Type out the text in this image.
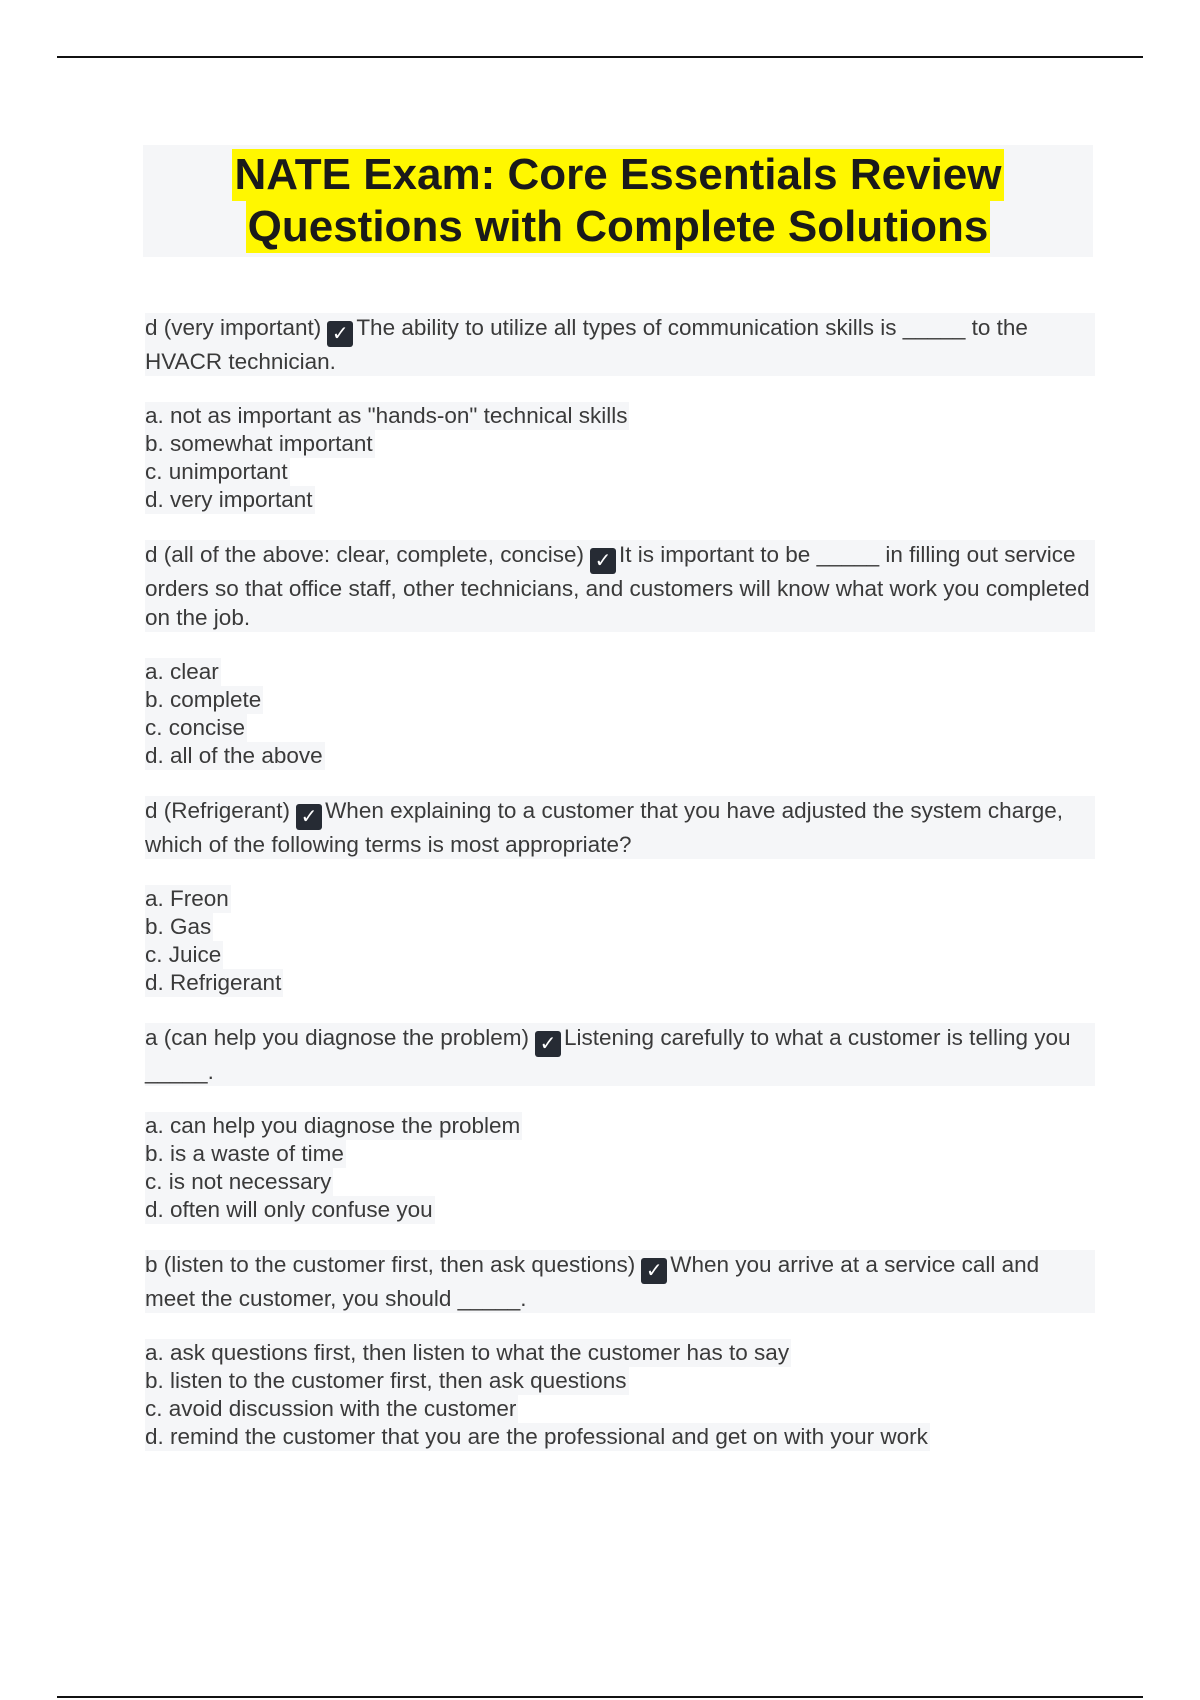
NATE Exam: Core Essentials Review
Questions with Complete Solutions

d (very important) ✓ The ability to utilize all types of communication skills is _____ to the HVACR technician.

a. not as important as "hands-on" technical skills
b. somewhat important
c. unimportant
d. very important

d (all of the above: clear, complete, concise) ✓ It is important to be _____ in filling out service orders so that office staff, other technicians, and customers will know what work you completed on the job.

a. clear
b. complete
c. concise
d. all of the above

d (Refrigerant) ✓ When explaining to a customer that you have adjusted the system charge, which of the following terms is most appropriate?

a. Freon
b. Gas
c. Juice
d. Refrigerant

a (can help you diagnose the problem) ✓ Listening carefully to what a customer is telling you _____.

a. can help you diagnose the problem
b. is a waste of time
c. is not necessary
d. often will only confuse you

b (listen to the customer first, then ask questions) ✓ When you arrive at a service call and meet the customer, you should _____.

a. ask questions first, then listen to what the customer has to say
b. listen to the customer first, then ask questions
c. avoid discussion with the customer
d. remind the customer that you are the professional and get on with your work
